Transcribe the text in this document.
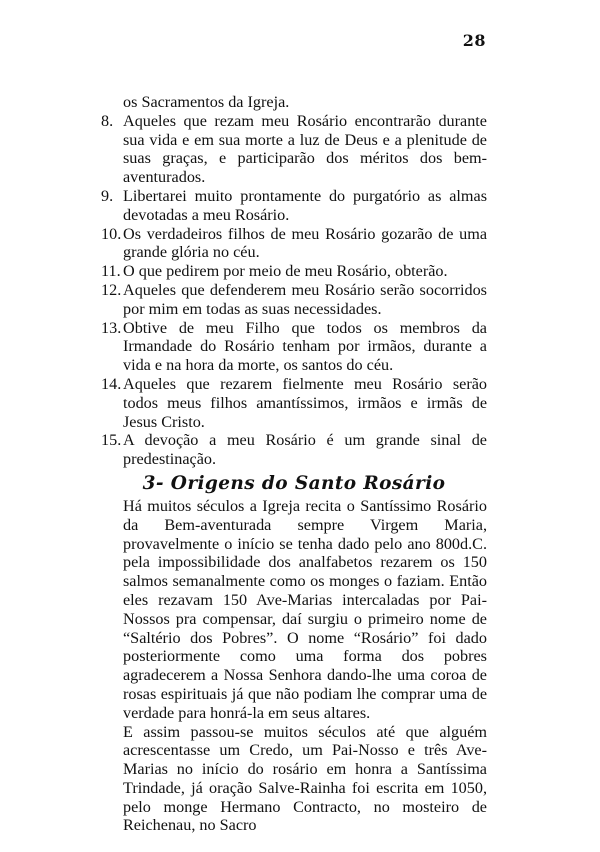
28
os Sacramentos da Igreja.
8. Aqueles que rezam meu Rosário encontrarão durante sua vida e em sua morte a luz de Deus e a plenitude de suas graças, e participarão dos méritos dos bem-aventurados.
9. Libertarei muito prontamente do purgatório as almas devotadas a meu Rosário.
10. Os verdadeiros filhos de meu Rosário gozarão de uma grande glória no céu.
11. O que pedirem por meio de meu Rosário, obterão.
12. Aqueles que defenderem meu Rosário serão socorridos por mim em todas as suas necessidades.
13. Obtive de meu Filho que todos os membros da Irmandade do Rosário tenham por irmãos, durante a vida e na hora da morte, os santos do céu.
14. Aqueles que rezarem fielmente meu Rosário serão todos meus filhos amantíssimos, irmãos e irmãs de Jesus Cristo.
15. A devoção a meu Rosário é um grande sinal de predestinação.
3- Origens do Santo Rosário

Há muitos séculos a Igreja recita o Santíssimo Rosário da Bem-aventurada sempre Virgem Maria, provavelmente o início se tenha dado pelo ano 800d.C. pela impossibilidade dos analfabetos rezarem os 150 salmos semanalmente como os monges o faziam. Então eles rezavam 150 Ave-Marias intercaladas por Pai-Nossos pra compensar, daí surgiu o primeiro nome de “Saltério dos Pobres”. O nome “Rosário” foi dado posteriormente como uma forma dos pobres agradecerem a Nossa Senhora dando-lhe uma coroa de rosas espirituais já que não podiam lhe comprar uma de verdade para honrá-la em seus altares.

E assim passou-se muitos séculos até que alguém acrescentasse um Credo, um Pai-Nosso e três Ave-Marias no início do rosário em honra a Santíssima Trindade, já oração Salve-Rainha foi escrita em 1050, pelo monge Hermano Contracto, no mosteiro de Reichenau, no Sacro
